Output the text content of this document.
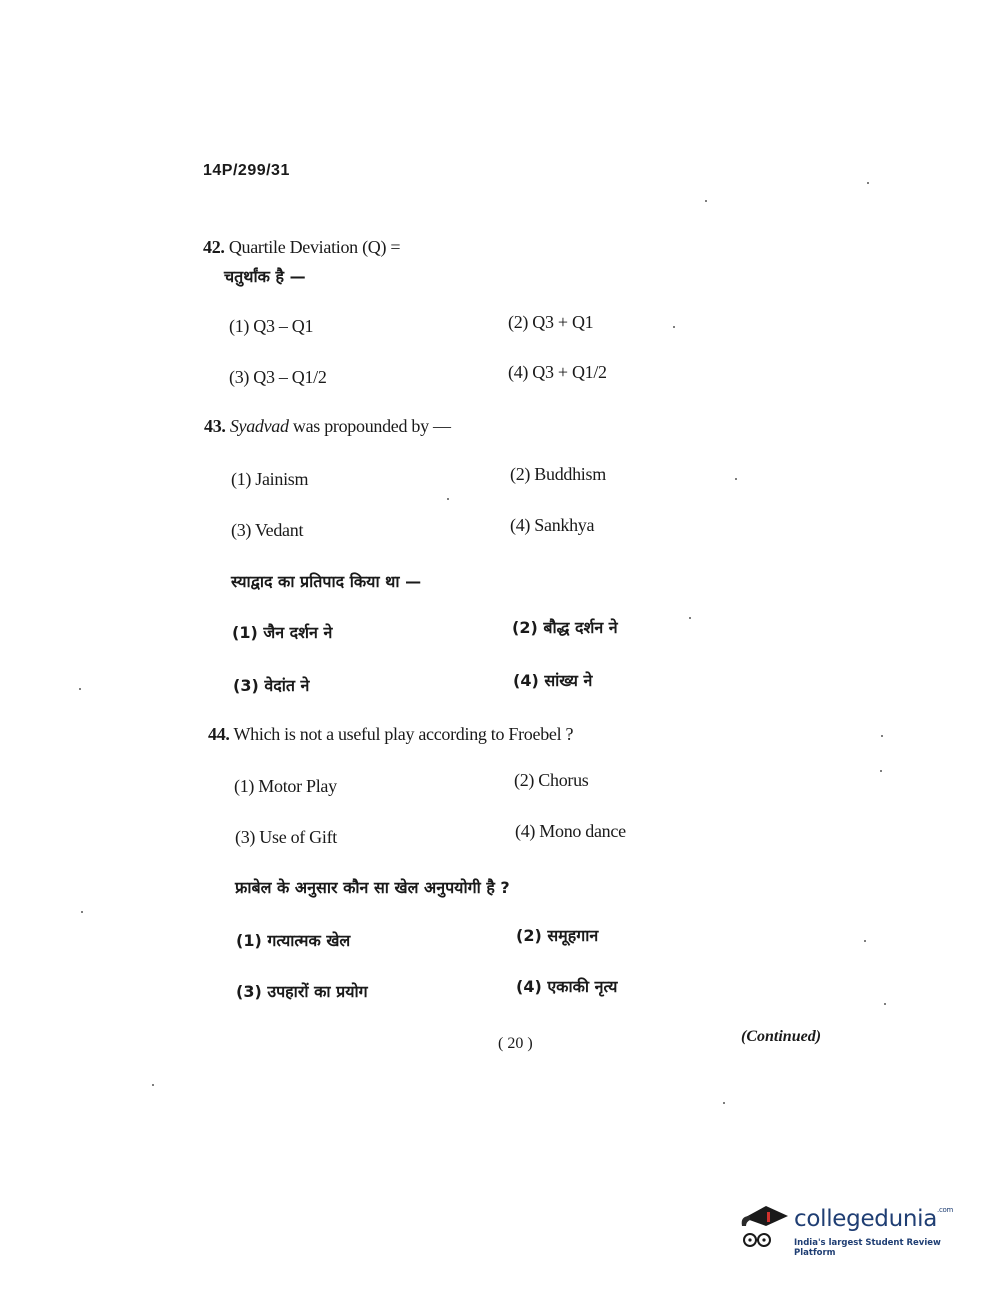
14P/299/31
42. Quartile Deviation (Q) =
चतुर्थांक है —
(1) Q3 – Q1	(2) Q3 + Q1
(3) Q3 – Q1/2	(4) Q3 + Q1/2
43. Syadvad was propounded by —
(1) Jainism	(2) Buddhism
(3) Vedant	(4) Sankhya
स्याद्वाद का प्रतिपाद किया था —
(1) जैन दर्शन ने	(2) बौद्ध दर्शन ने
(3) वेदांत ने	(4) सांख्य ने
44. Which is not a useful play according to Froebel ?
(1) Motor Play	(2) Chorus
(3) Use of Gift	(4) Mono dance
फ्राबेल के अनुसार कौन सा खेल अनुपयोगी है ?
(1) गत्यात्मक खेल	(2) समूहगान
(3) उपहारों का प्रयोग	(4) एकाकी नृत्य
( 20 )	(Continued)
collegedunia$^{.com}$
India's largest Student Review Platform
